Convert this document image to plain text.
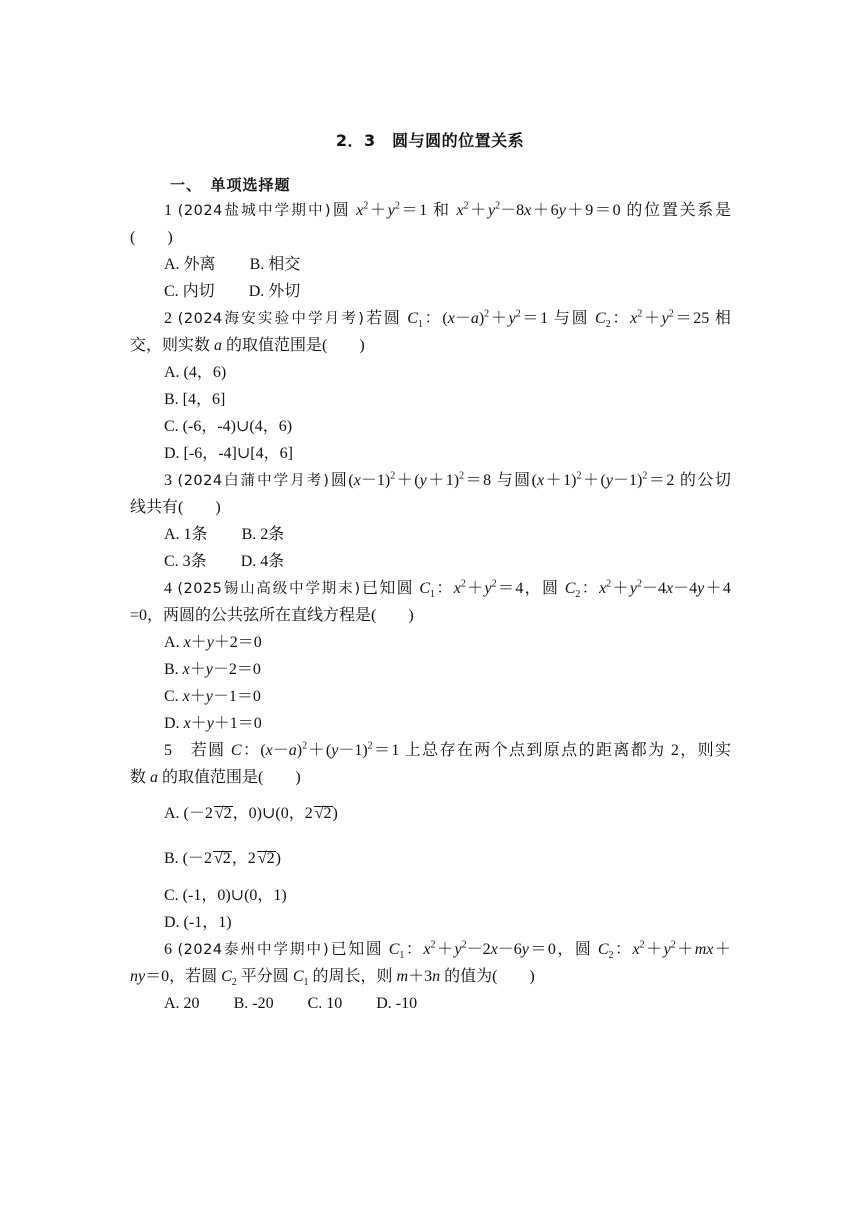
2．3　圆与圆的位置关系
一、　单项选择题
1 (2024盐城中学期中)圆 $x^2+y^2=1$ 和 $x^2+y^2-8x+6y+9=0$ 的位置关系是
(　　)
A. 外离 B. 相交
C. 内切 D. 外切
2 (2024海安实验中学月考)若圆 $C_1$：$(x-a)^2+y^2=1$ 与圆 $C_2$：$x^2+y^2=25$ 相
交，则实数 a 的取值范围是(　　)
A. (4，6)
B. [4，6]
C. (-6，-4)∪(4，6)
D. [-6，-4]∪[4，6]
3 (2024白蒲中学月考)圆$(x-1)^2+(y+1)^2=8$ 与圆$(x+1)^2+(y-1)^2=2$ 的公切
线共有(　　)
A. 1条 B. 2条
C. 3条 D. 4条
4 (2025锡山高级中学期末)已知圆 $C_1$：$x^2+y^2=4$，圆 $C_2$：$x^2+y^2-4x-4y+4$
=0，两圆的公共弦所在直线方程是(　　)
A. x＋y＋2＝0
B. x＋y－2＝0
C. x＋y－1＝0
D. x＋y＋1＝0
5　若圆 C：$(x-a)^2+(y-1)^2=1$ 上总存在两个点到原点的距离都为 2，则实
数 a 的取值范围是(　　)
A. (－2 √2，0)∪(0，2 √2)
B. (－2 √2，2 √2)
C. (-1，0)∪(0，1)
D. (-1，1)
6 (2024泰州中学期中)已知圆 $C_1$：$x^2+y^2-2x-6y=0$，圆 $C_2$：$x^2+y^2+mx+$
ny＝0，若圆 $C_2$ 平分圆 $C_1$ 的周长，则 m＋3n 的值为(　　)
A. 20 B. -20 C. 10 D. -10
